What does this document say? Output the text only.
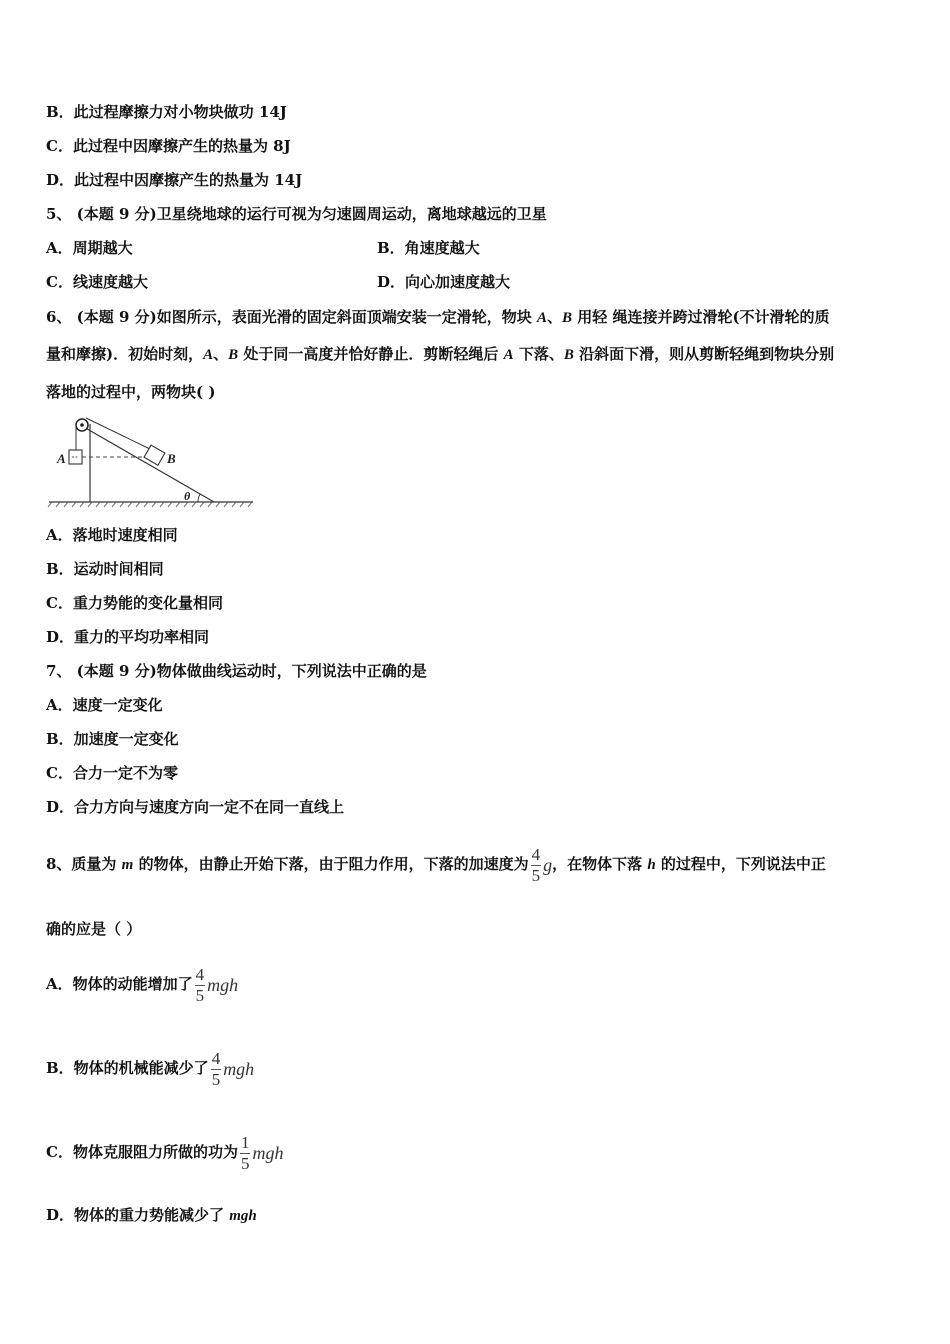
B．此过程摩擦力对小物块做功 14J
C．此过程中因摩擦产生的热量为 8J
D．此过程中因摩擦产生的热量为 14J
5、 (本题 9 分)卫星绕地球的运行可视为匀速圆周运动，离地球越远的卫星
A．周期越大	B．角速度越大
C．线速度越大	D．向心加速度越大
6、 (本题 9 分)如图所示，表面光滑的固定斜面顶端安装一定滑轮，物块 A、B 用轻 绳连接并跨过滑轮(不计滑轮的质
量和摩擦)．初始时刻，A、B 处于同一高度并恰好静止．剪断轻绳后 A 下落、B 沿斜面下滑，则从剪断轻绳到物块分别
落地的过程中，两物块( )
A	B
θ
A．落地时速度相同
B．运动时间相同
C．重力势能的变化量相同
D．重力的平均功率相同
7、 (本题 9 分)物体做曲线运动时，下列说法中正确的是
A．速度一定变化
B．加速度一定变化
C．合力一定不为零
D．合力方向与速度方向一定不在同一直线上
8、质量为 m 的物体，由静止开始下落，由于阻力作用，下落的加速度为 $\frac{4}{5}$ g，在物体下落 h 的过程中，下列说法中正
确的应是（ ）
A．物体的动能增加了 $\frac{4}{5}$ mgh
B．物体的机械能减少了 $\frac{4}{5}$ mgh
C．物体克服阻力所做的功为 $\frac{1}{5}$ mgh
D．物体的重力势能减少了 mgh
